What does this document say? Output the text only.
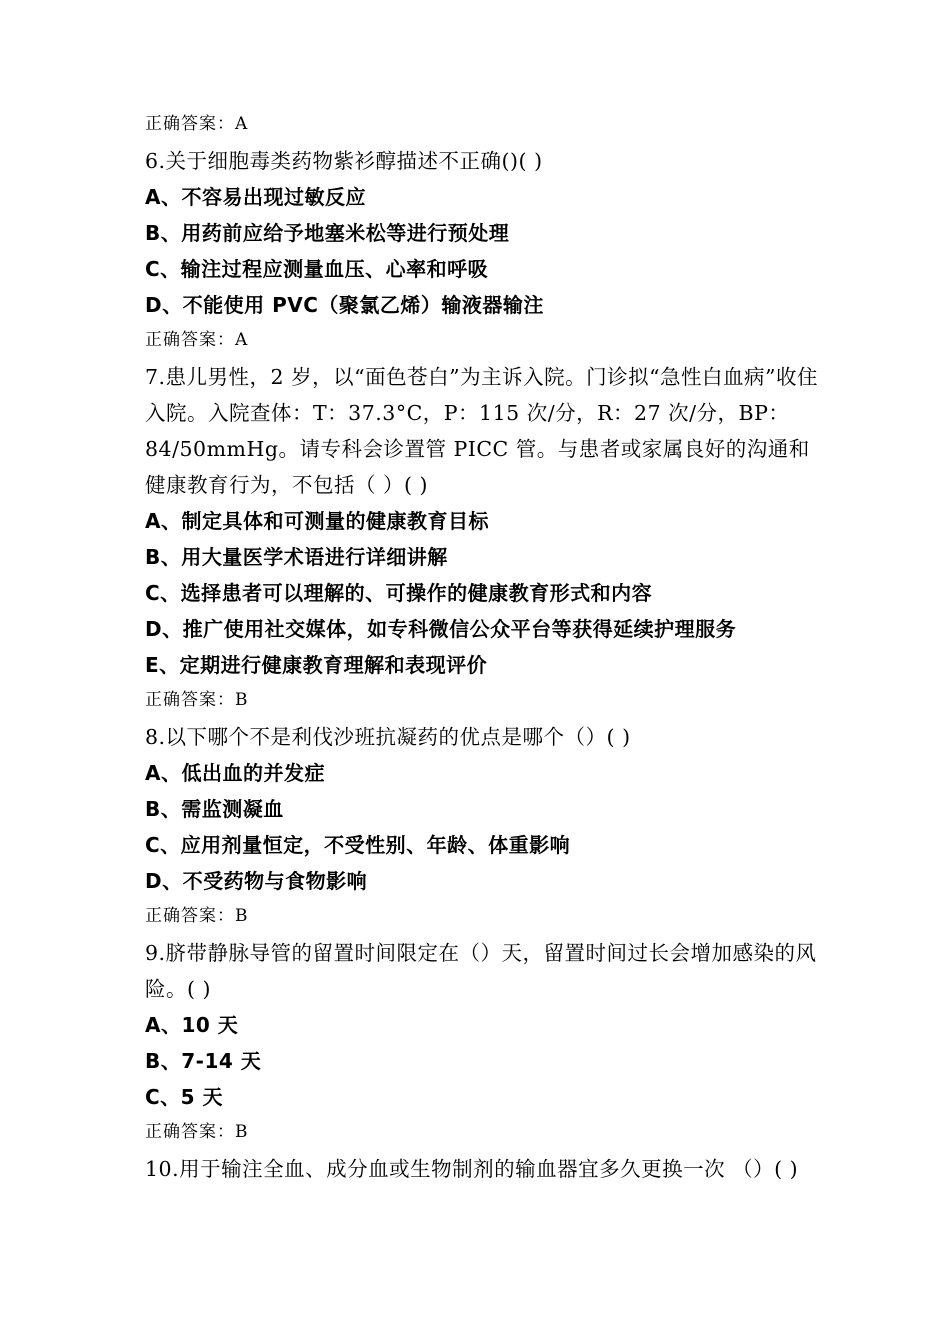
正确答案：A

6.关于细胞毒类药物紫衫醇描述不正确()( )

A、不容易出现过敏反应

B、用药前应给予地塞米松等进行预处理

C、输注过程应测量血压、心率和呼吸

D、不能使用 PVC（聚氯乙烯）输液器输注

正确答案：A

7.患儿男性，2 岁，以“面色苍白”为主诉入院。门诊拟“急性白血病”收住入院。入院查体：T：37.3°C，P：115 次/分，R：27 次/分，BP：84/50mmHg。请专科会诊置管 PICC 管。与患者或家属良好的沟通和健康教育行为，不包括（ ）( )

A、制定具体和可测量的健康教育目标

B、用大量医学术语进行详细讲解

C、选择患者可以理解的、可操作的健康教育形式和内容

D、推广使用社交媒体，如专科微信公众平台等获得延续护理服务

E、定期进行健康教育理解和表现评价

正确答案：B

8.以下哪个不是利伐沙班抗凝药的优点是哪个（）( )

A、低出血的并发症

B、需监测凝血

C、应用剂量恒定，不受性别、年龄、体重影响

D、不受药物与食物影响

正确答案：B

9.脐带静脉导管的留置时间限定在（）天，留置时间过长会增加感染的风险。( )

A、10 天

B、7-14 天

C、5 天

正确答案：B

10.用于输注全血、成分血或生物制剂的输血器宜多久更换一次 （）( )
